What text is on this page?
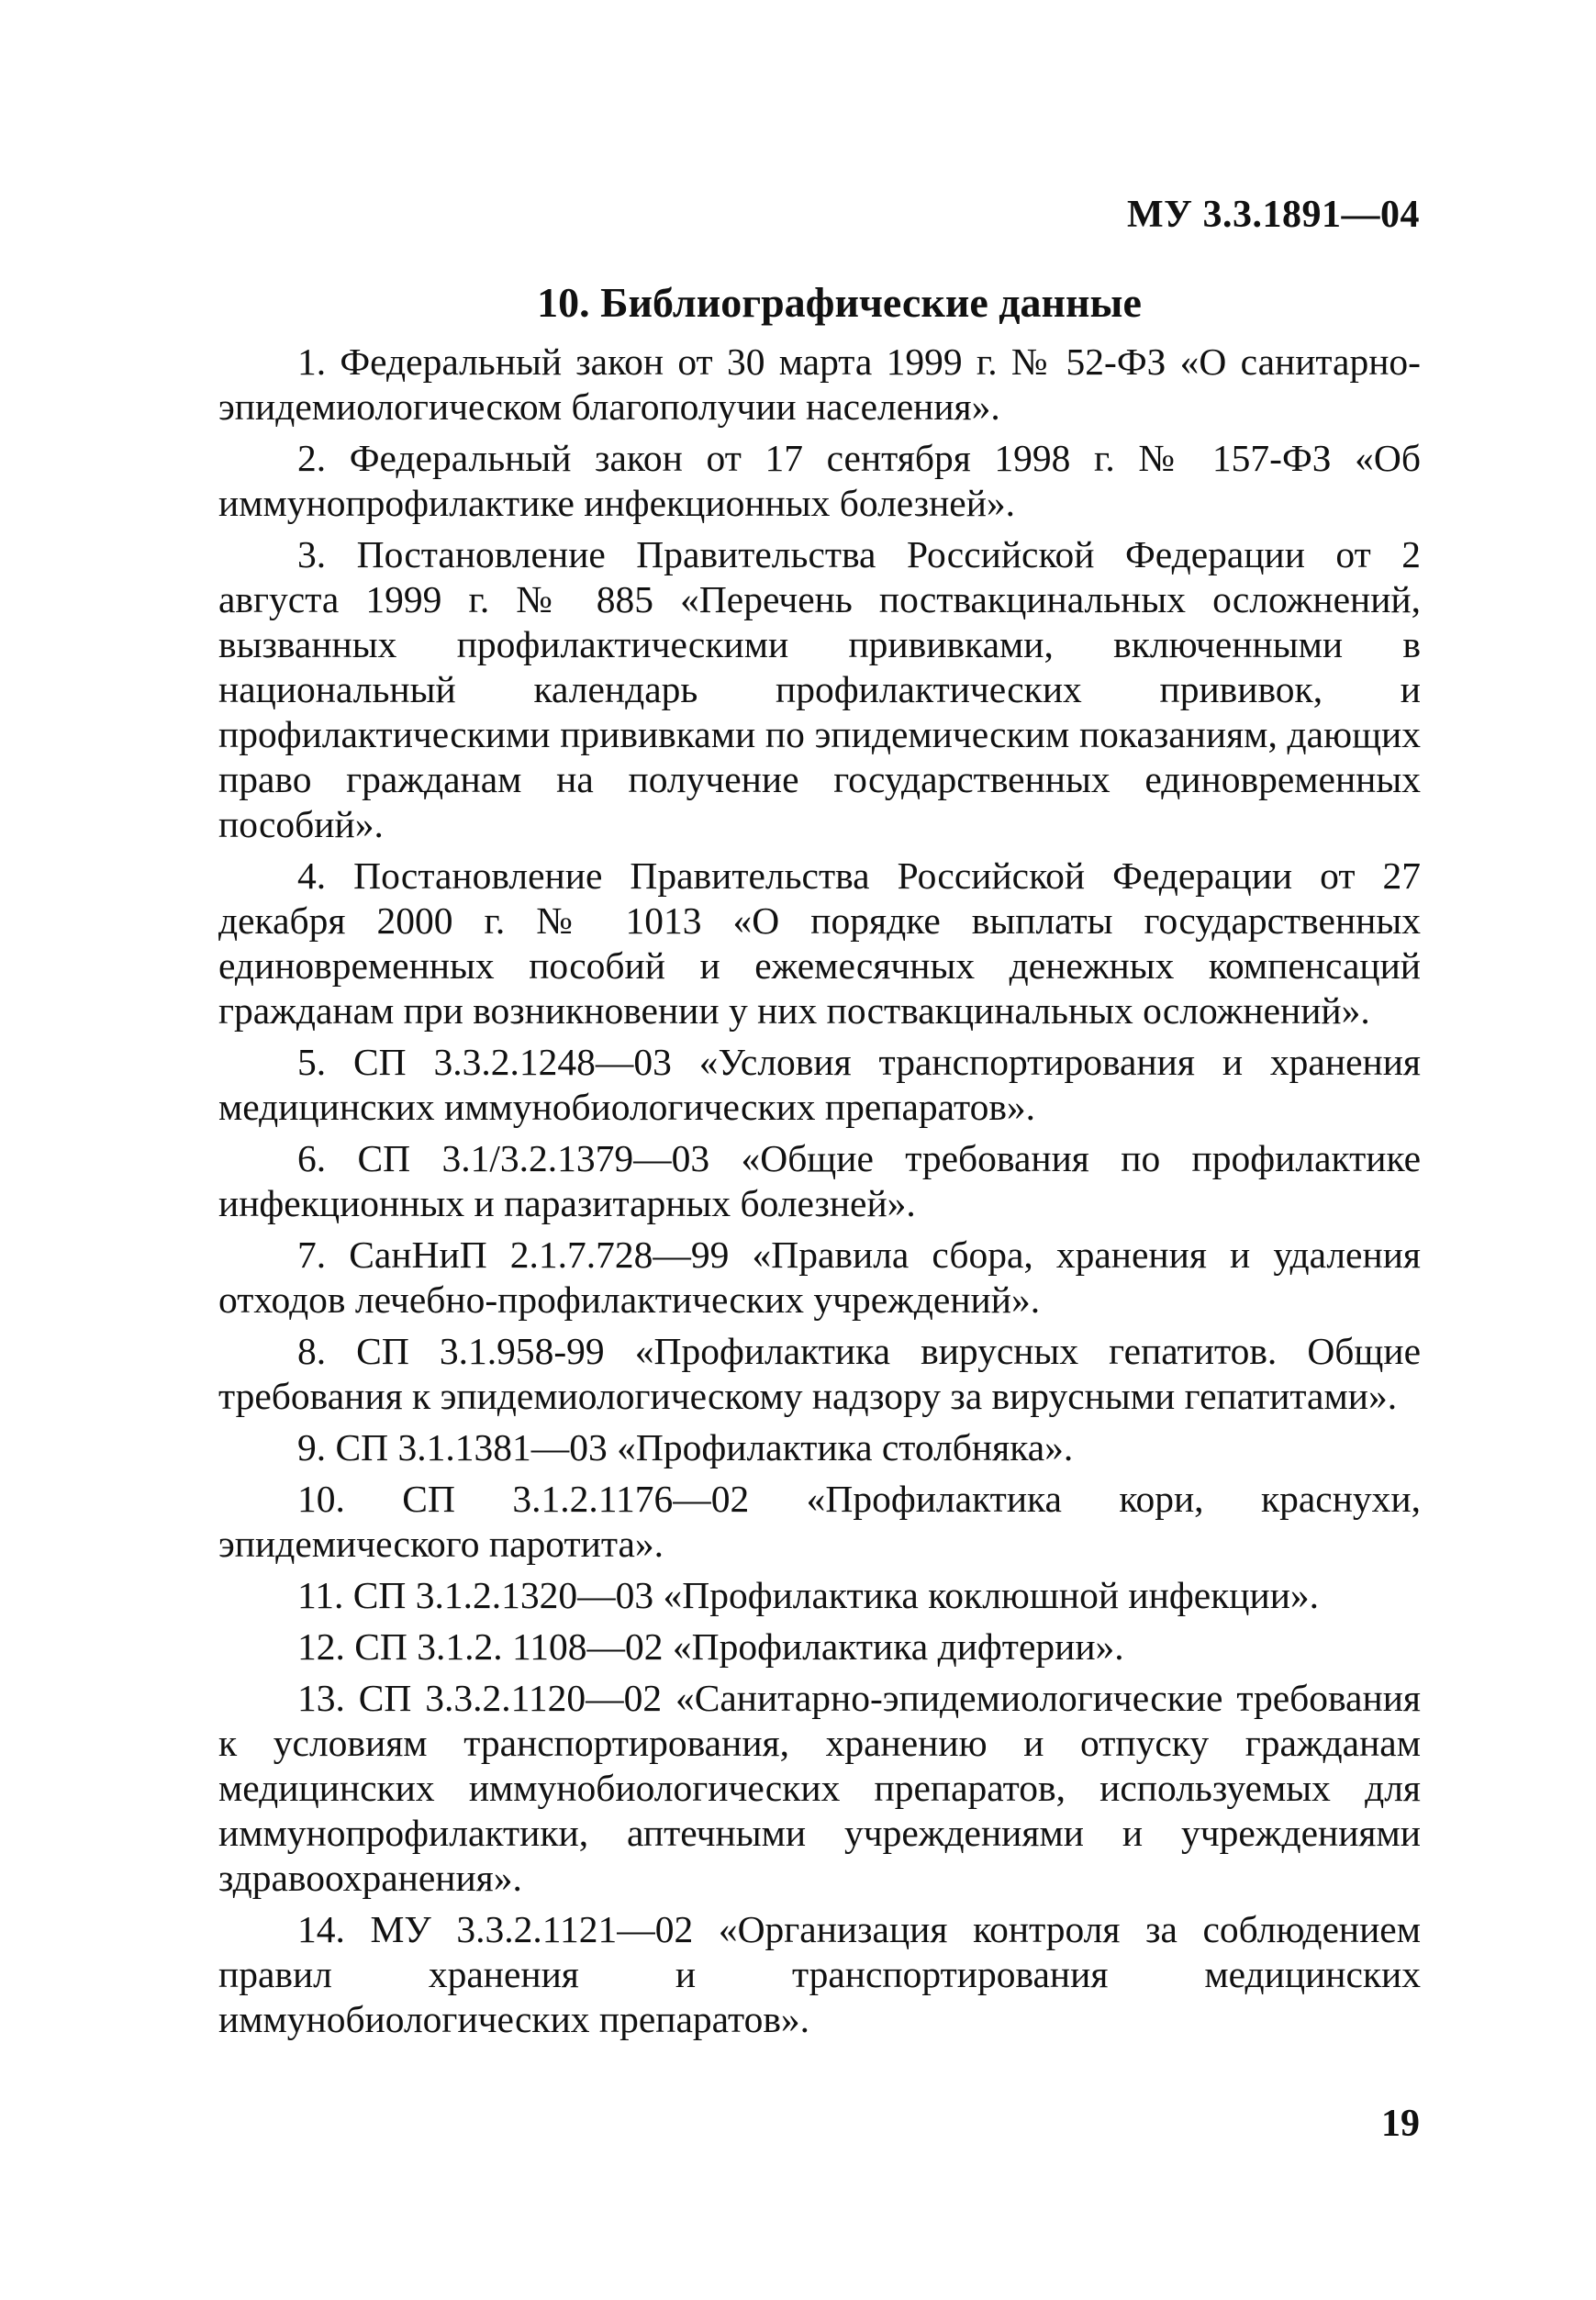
МУ 3.3.1891—04
10. Библиографические данные
1. Федеральный закон от 30 марта 1999 г. № 52-ФЗ «О санитарно-эпидемиологическом благополучии населения».
2. Федеральный закон от 17 сентября 1998 г. № 157-ФЗ «Об иммунопрофилактике инфекционных болезней».
3. Постановление Правительства Российской Федерации от 2 августа 1999 г. № 885 «Перечень поствакцинальных осложнений, вызванных профилактическими прививками, включенными в национальный календарь профилактических прививок, и профилактическими прививками по эпидемическим показаниям, дающих право гражданам на получение государственных единовременных пособий».
4. Постановление Правительства Российской Федерации от 27 декабря 2000 г. № 1013 «О порядке выплаты государственных единовременных пособий и ежемесячных денежных компенсаций гражданам при возникновении у них поствакцинальных осложнений».
5. СП 3.3.2.1248—03 «Условия транспортирования и хранения медицинских иммунобиологических препаратов».
6. СП 3.1/3.2.1379—03 «Общие требования по профилактике инфекционных и паразитарных болезней».
7. СанНиП 2.1.7.728—99 «Правила сбора, хранения и удаления отходов лечебно-профилактических учреждений».
8. СП 3.1.958-99 «Профилактика вирусных гепатитов. Общие требования к эпидемиологическому надзору за вирусными гепатитами».
9. СП 3.1.1381—03 «Профилактика столбняка».
10. СП 3.1.2.1176—02 «Профилактика кори, краснухи, эпидемического паротита».
11. СП 3.1.2.1320—03 «Профилактика коклюшной инфекции».
12. СП 3.1.2. 1108—02 «Профилактика дифтерии».
13. СП 3.3.2.1120—02 «Санитарно-эпидемиологические требования к условиям транспортирования, хранению и отпуску гражданам медицинских иммунобиологических препаратов, используемых для иммунопрофилактики, аптечными учреждениями и учреждениями здравоохранения».
14. МУ 3.3.2.1121—02 «Организация контроля за соблюдением правил хранения и транспортирования медицинских иммунобиологических препаратов».
19
